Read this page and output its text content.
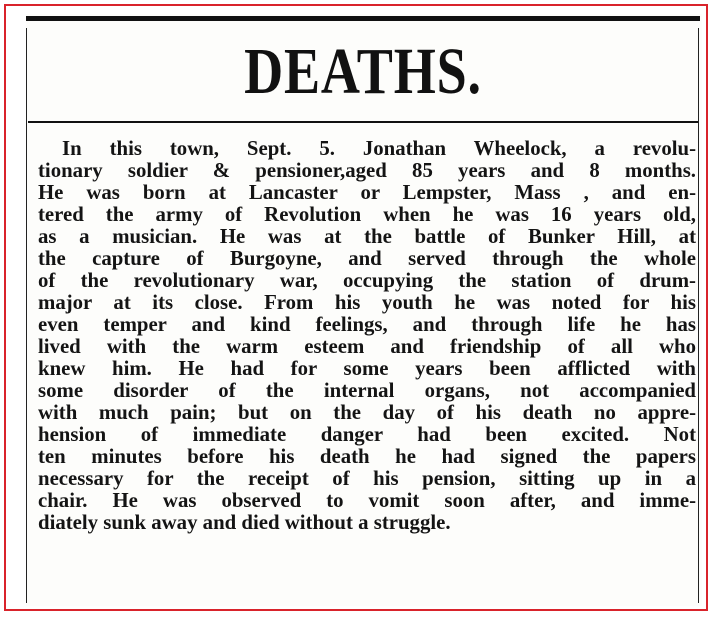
DEATHS.
In this town, Sept. 5. Jonathan Wheelock, a revolu-
tionary soldier & pensioner,aged 85 years and 8 months.
He was born at Lancaster or Lempster, Mass , and en-
tered the army of Revolution when he was 16 years old,
as a musician. He was at the battle of Bunker Hill, at
the capture of Burgoyne, and served through the whole
of the revolutionary war, occupying the station of drum-
major at its close. From his youth he was noted for his
even temper and kind feelings, and through life he has
lived with the warm esteem and friendship of all who
knew him. He had for some years been afflicted with
some disorder of the internal organs, not accompanied
with much pain; but on the day of his death no appre-
hension of immediate danger had been excited. Not
ten minutes before his death he had signed the papers
necessary for the receipt of his pension, sitting up in a
chair. He was observed to vomit soon after, and imme-
diately sunk away and died without a struggle.
